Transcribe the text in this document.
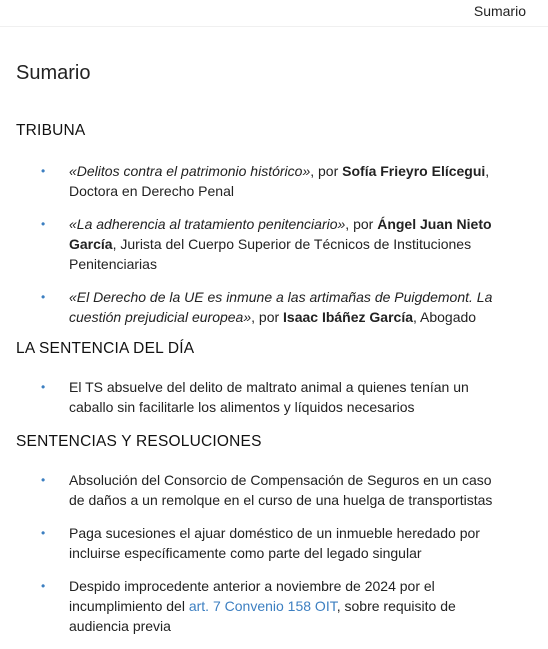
Sumario
Sumario
TRIBUNA
• «Delitos contra el patrimonio histórico», por Sofía Frieyro Elícegui, Doctora en Derecho Penal
• «La adherencia al tratamiento penitenciario», por Ángel Juan Nieto García, Jurista del Cuerpo Superior de Técnicos de Instituciones Penitenciarias
• «El Derecho de la UE es inmune a las artimañas de Puigdemont. La cuestión prejudicial europea», por Isaac Ibáñez García, Abogado
LA SENTENCIA DEL DÍA
• El TS absuelve del delito de maltrato animal a quienes tenían un caballo sin facilitarle los alimentos y líquidos necesarios
SENTENCIAS Y RESOLUCIONES
• Absolución del Consorcio de Compensación de Seguros en un caso de daños a un remolque en el curso de una huelga de transportistas
• Paga sucesiones el ajuar doméstico de un inmueble heredado por incluirse específicamente como parte del legado singular
• Despido improcedente anterior a noviembre de 2024 por el incumplimiento del art. 7 Convenio 158 OIT, sobre requisito de audiencia previa
